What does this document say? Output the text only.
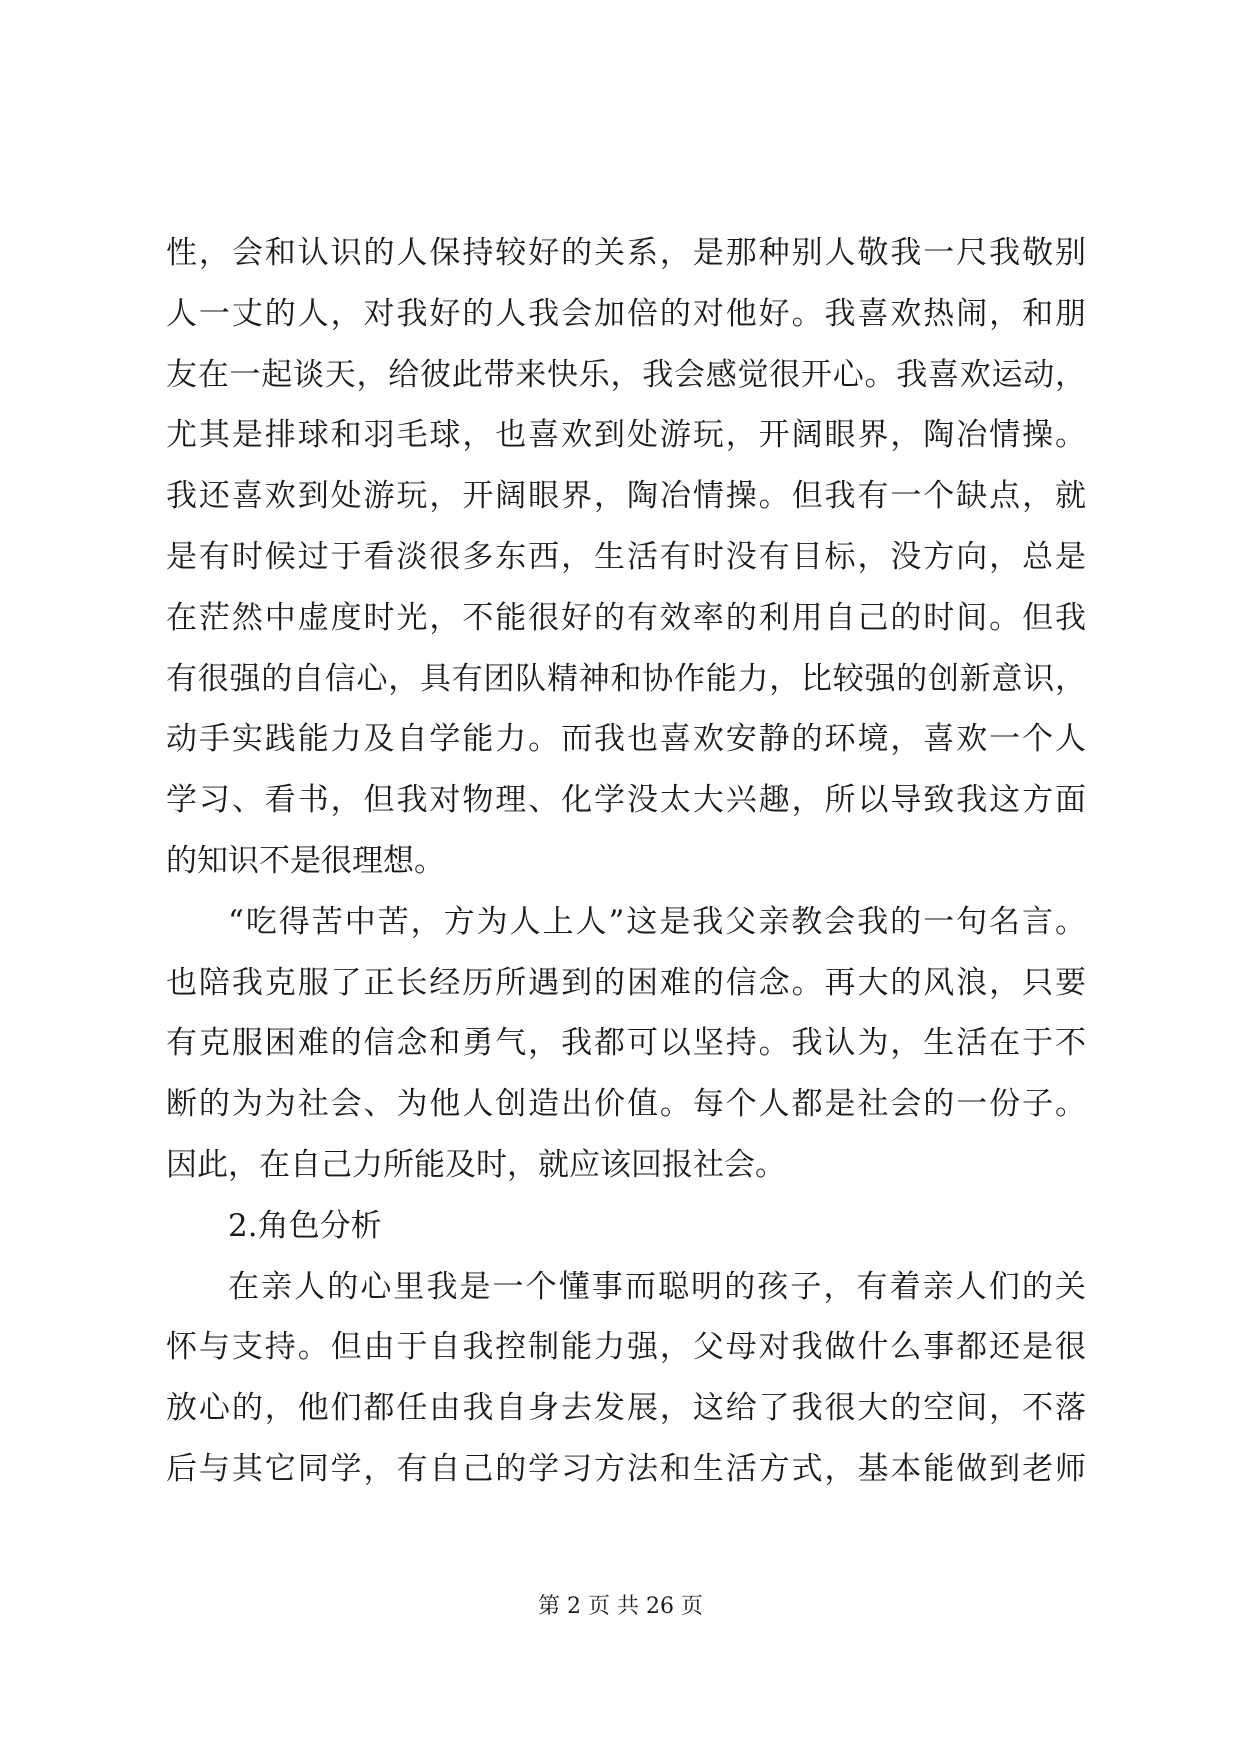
性，会和认识的人保持较好的关系，是那种别人敬我一尺我敬别
人一丈的人，对我好的人我会加倍的对他好。我喜欢热闹，和朋
友在一起谈天，给彼此带来快乐，我会感觉很开心。我喜欢运动，
尤其是排球和羽毛球，也喜欢到处游玩，开阔眼界，陶冶情操。
我还喜欢到处游玩，开阔眼界，陶冶情操。但我有一个缺点，就
是有时候过于看淡很多东西，生活有时没有目标，没方向，总是
在茫然中虚度时光，不能很好的有效率的利用自己的时间。但我
有很强的自信心，具有团队精神和协作能力，比较强的创新意识，
动手实践能力及自学能力。而我也喜欢安静的环境，喜欢一个人
学习、看书，但我对物理、化学没太大兴趣，所以导致我这方面
的知识不是很理想。
“吃得苦中苦，方为人上人”这是我父亲教会我的一句名言。
也陪我克服了正长经历所遇到的困难的信念。再大的风浪，只要
有克服困难的信念和勇气，我都可以坚持。我认为，生活在于不
断的为为社会、为他人创造出价值。每个人都是社会的一份子。
因此，在自己力所能及时，就应该回报社会。
2.角色分析
在亲人的心里我是一个懂事而聪明的孩子，有着亲人们的关
怀与支持。但由于自我控制能力强，父母对我做什么事都还是很
放心的，他们都任由我自身去发展，这给了我很大的空间，不落
后与其它同学，有自己的学习方法和生活方式，基本能做到老师
第 2 页 共 26 页
